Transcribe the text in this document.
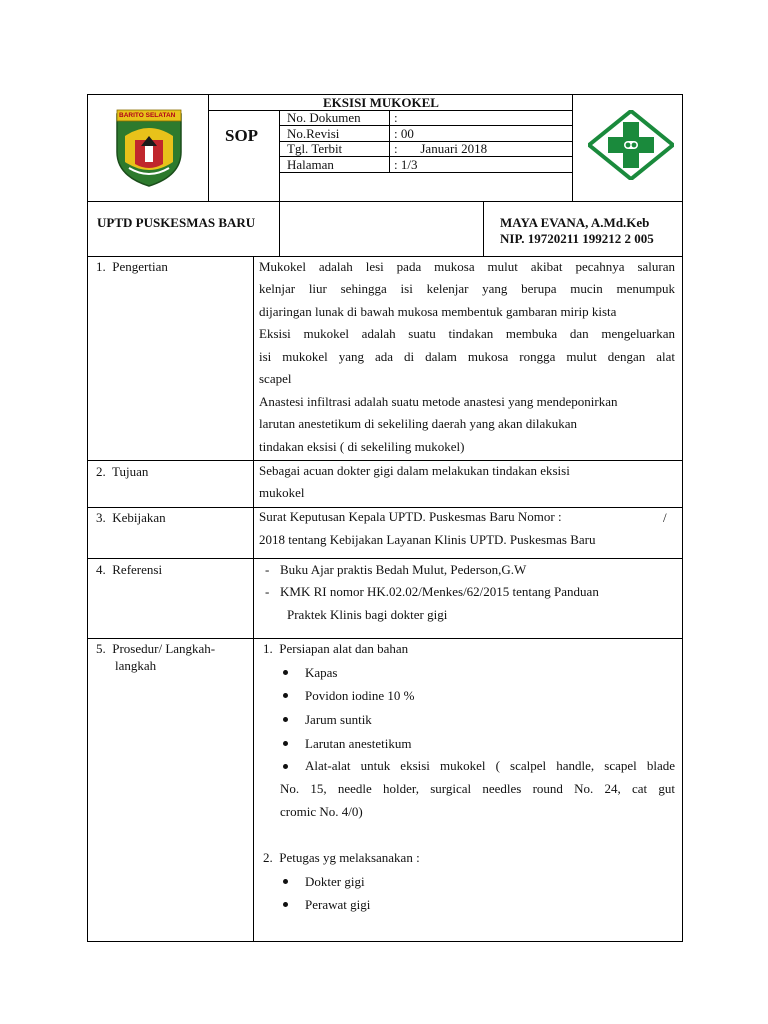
BARITO SELATAN
EKSISI MUKOKEL
SOP
No. Dokumen	:
No.Revisi	: 00
Tgl. Terbit	:       Januari 2018
Halaman	: 1/3
UPTD PUSKESMAS BARU	MAYA EVANA, A.Md.Keb
NIP. 19720211 199212 2 005
1.  Pengertian	Mukokel adalah lesi pada mukosa mulut akibat pecahnya saluran
kelnjar liur sehingga isi kelenjar yang berupa mucin menumpuk
dijaringan lunak di bawah mukosa membentuk gambaran mirip kista
Eksisi mukokel adalah suatu tindakan membuka dan mengeluarkan
isi mukokel yang ada di dalam mukosa rongga mulut dengan alat
scapel
Anastesi infiltrasi adalah suatu metode anastesi yang mendeponirkan
larutan anestetikum di sekeliling daerah yang akan dilakukan
tindakan eksisi ( di sekeliling mukokel)
2.  Tujuan	Sebagai acuan dokter gigi dalam melakukan tindakan eksisi
mukokel
3.  Kebijakan	Surat Keputusan Kepala UPTD. Puskesmas Baru Nomor :	/
2018 tentang Kebijakan Layanan Klinis UPTD. Puskesmas Baru
4.  Referensi	- Buku Ajar praktis Bedah Mulut, Pederson,G.W
- KMK RI nomor HK.02.02/Menkes/62/2015 tentang Panduan
Praktek Klinis bagi dokter gigi
5.  Prosedur/ Langkah-
langkah
1.  Persiapan alat dan bahan
Kapas
Povidon iodine 10 %
Jarum suntik
Larutan anestetikum
Alat-alat untuk eksisi mukokel ( scalpel handle, scapel blade
No. 15, needle holder, surgical needles round No. 24, cat gut
cromic No. 4/0)
2.  Petugas yg melaksanakan :
Dokter gigi
Perawat gigi
